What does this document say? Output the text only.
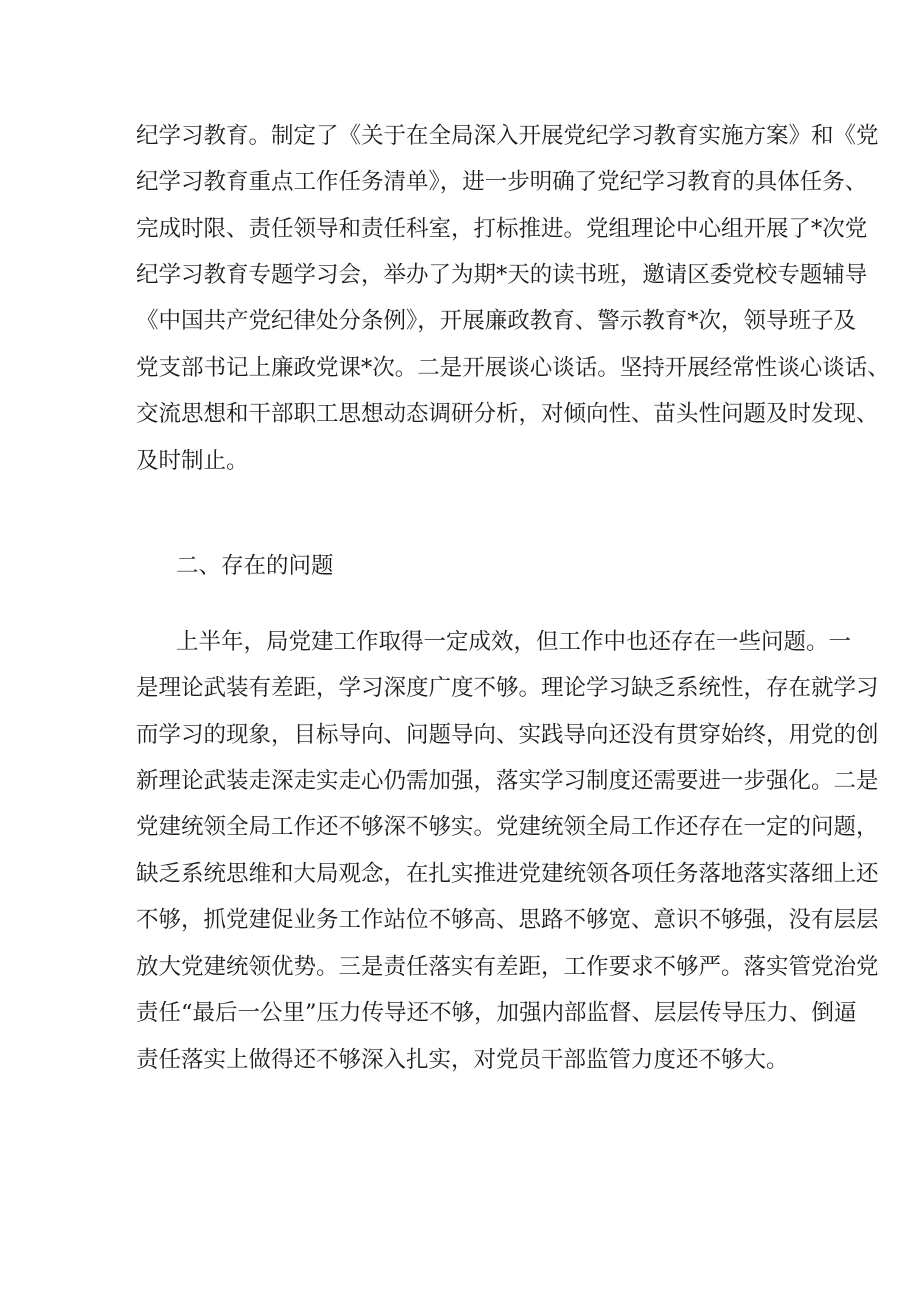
纪学习教育。制定了《关于在全局深入开展党纪学习教育实施方案》和《党
纪学习教育重点工作任务清单》，进一步明确了党纪学习教育的具体任务、
完成时限、责任领导和责任科室，打标推进。党组理论中心组开展了*次党
纪学习教育专题学习会，举办了为期*天的读书班，邀请区委党校专题辅导
《中国共产党纪律处分条例》，开展廉政教育、警示教育*次，领导班子及
党支部书记上廉政党课*次。二是开展谈心谈话。坚持开展经常性谈心谈话、
交流思想和干部职工思想动态调研分析，对倾向性、苗头性问题及时发现、
及时制止。
二、存在的问题
上半年，局党建工作取得一定成效，但工作中也还存在一些问题。一
是理论武装有差距，学习深度广度不够。理论学习缺乏系统性，存在就学习
而学习的现象，目标导向、问题导向、实践导向还没有贯穿始终，用党的创
新理论武装走深走实走心仍需加强，落实学习制度还需要进一步强化。二是
党建统领全局工作还不够深不够实。党建统领全局工作还存在一定的问题，
缺乏系统思维和大局观念，在扎实推进党建统领各项任务落地落实落细上还
不够，抓党建促业务工作站位不够高、思路不够宽、意识不够强，没有层层
放大党建统领优势。三是责任落实有差距，工作要求不够严。落实管党治党
责任“最后一公里”压力传导还不够，加强内部监督、层层传导压力、倒逼
责任落实上做得还不够深入扎实，对党员干部监管力度还不够大。
